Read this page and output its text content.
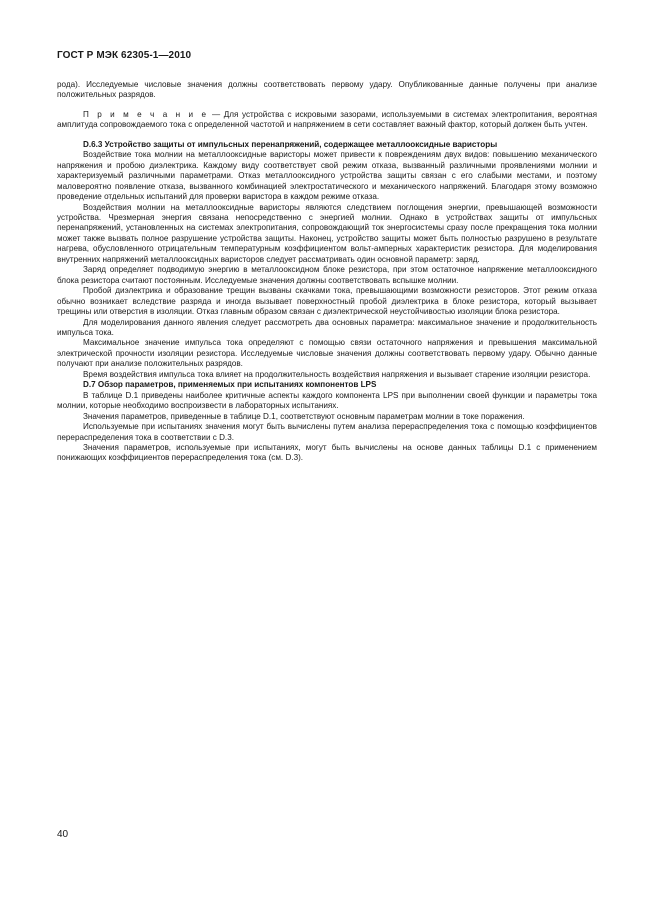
ГОСТ Р МЭК 62305-1—2010

рода). Исследуемые числовые значения должны соответствовать первому удару. Опубликованные данные получены при анализе положительных разрядов.

П р и м е ч а н и е — Для устройства с искровыми зазорами, используемыми в системах электропитания, вероятная амплитуда сопровождаемого тока с определенной частотой и напряжением в сети составляет важный фактор, который должен быть учтен.

D.6.3 Устройство защиты от импульсных перенапряжений, содержащее металлооксидные варисторы

Воздействие тока молнии на металлооксидные варисторы может привести к повреждениям двух видов: повышению механического напряжения и пробою диэлектрика. Каждому виду соответствует свой режим отказа, вызванный различными проявлениями молнии и характеризуемый различными параметрами. Отказ металлооксидного устройства защиты связан с его слабыми местами, и поэтому маловероятно появление отказа, вызванного комбинацией электростатического и механического напряжений. Благодаря этому возможно проведение отдельных испытаний для проверки варистора в каждом режиме отказа.

Воздействия молнии на металлооксидные варисторы являются следствием поглощения энергии, превышающей возможности устройства. Чрезмерная энергия связана непосредственно с энергией молнии. Однако в устройствах защиты от импульсных перенапряжений, установленных на системах электропитания, сопровождающий ток энергосистемы сразу после прекращения тока молнии может также вызвать полное разрушение устройства защиты. Наконец, устройство защиты может быть полностью разрушено в результате нагрева, обусловленного отрицательным температурным коэффициентом вольт-амперных характеристик резистора. Для моделирования внутренних напряжений металлооксидных варисторов следует рассматривать один основной параметр: заряд.

Заряд определяет подводимую энергию в металлооксидном блоке резистора, при этом остаточное напряжение металлооксидного блока резистора считают постоянным. Исследуемые значения должны соответствовать вспышке молнии.

Пробой диэлектрика и образование трещин вызваны скачками тока, превышающими возможности резисторов. Этот режим отказа обычно возникает вследствие разряда и иногда вызывает поверхностный пробой диэлектрика в блоке резистора, который вызывает трещины или отверстия в изоляции. Отказ главным образом связан с диэлектрической неустойчивостью изоляции блока резистора.

Для моделирования данного явления следует рассмотреть два основных параметра: максимальное значение и продолжительность импульса тока.

Максимальное значение импульса тока определяют с помощью связи остаточного напряжения и превышения максимальной электрической прочности изоляции резистора. Исследуемые числовые значения должны соответствовать первому удару. Обычно данные получают при анализе положительных разрядов.

Время воздействия импульса тока влияет на продолжительность воздействия напряжения и вызывает старение изоляции резистора.

D.7 Обзор параметров, применяемых при испытаниях компонентов LPS

В таблице D.1 приведены наиболее критичные аспекты каждого компонента LPS при выполнении своей функции и параметры тока молнии, которые необходимо воспроизвести в лабораторных испытаниях.

Значения параметров, приведенные в таблице D.1, соответствуют основным параметрам молнии в токе поражения.

Используемые при испытаниях значения могут быть вычислены путем анализа перераспределения тока с помощью коэффициентов перераспределения тока в соответствии с D.3.

Значения параметров, используемые при испытаниях, могут быть вычислены на основе данных таблицы D.1 с применением понижающих коэффициентов перераспределения тока (см. D.3).

40
